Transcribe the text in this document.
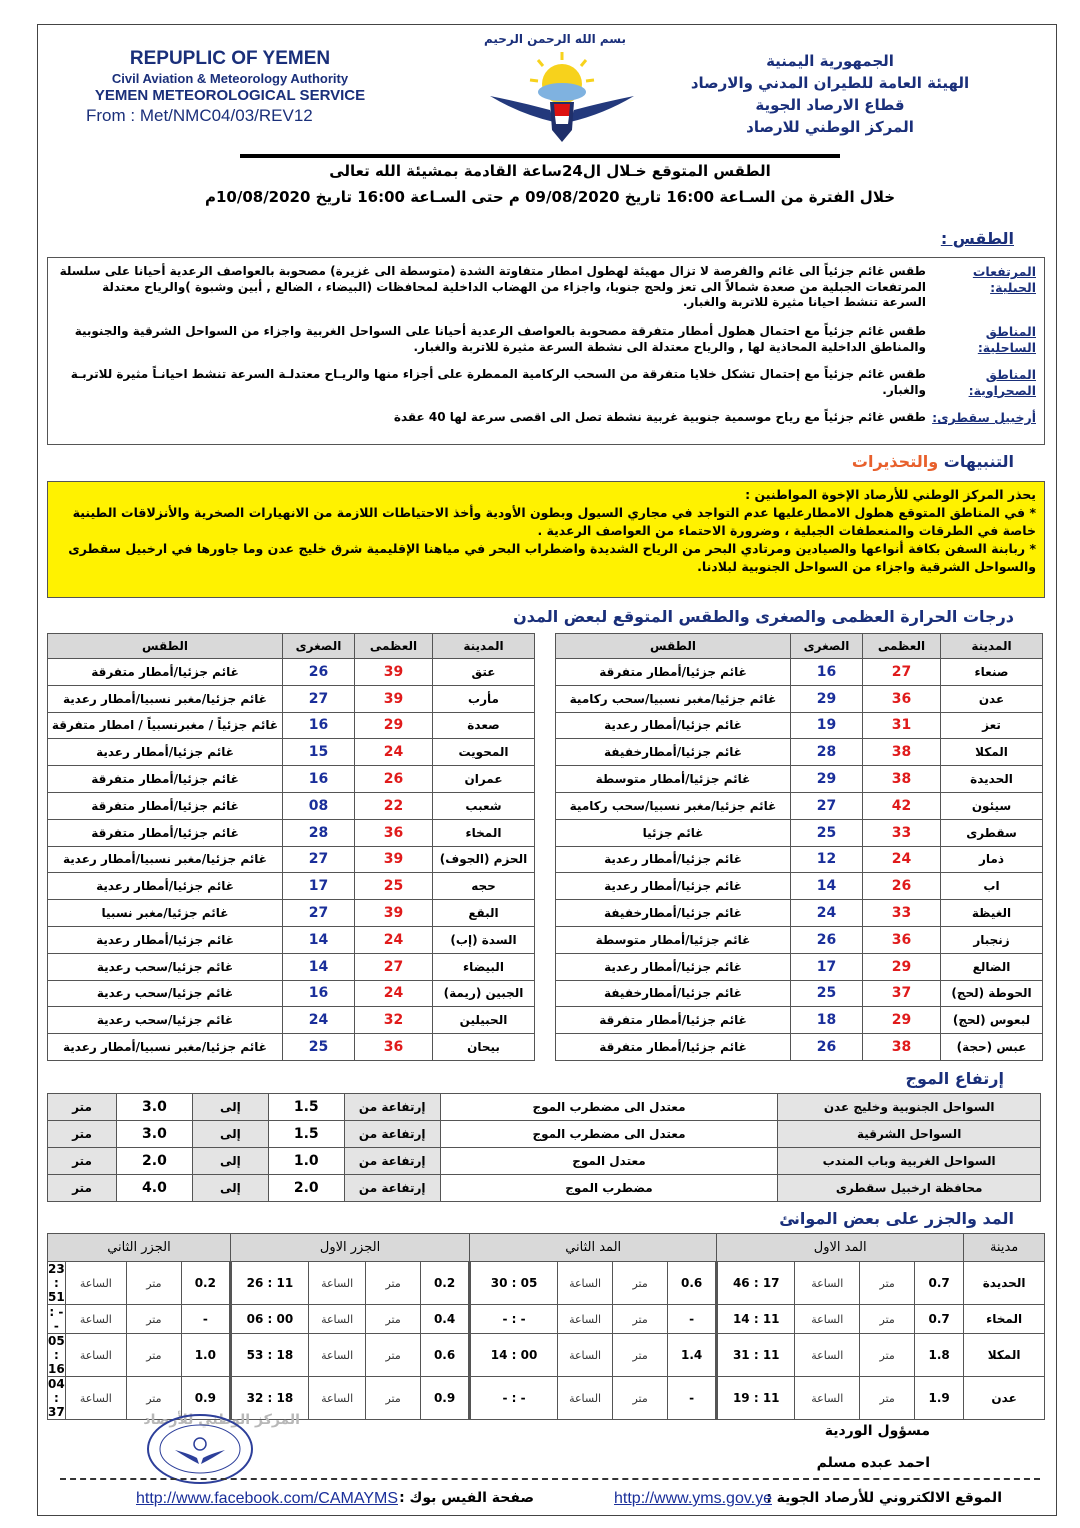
REPUPLIC OF YEMEN
Civil Aviation & Meteorology Authority
YEMEN METEOROLOGICAL SERVICE
From : Met/NMC04/03/REV12
بسم الله الرحمن الرحيم
الجمهورية اليمنية
الهيئة العامة للطيران المدني والارصاد
قطاع الارصاد الجوية
المركز الوطني للارصاد
الطقس المتوقع خـلال ال24ساعة القادمة بمشيئة الله تعالى
خلال الفترة من السـاعة 16:00 تاريخ 09/08/2020 م حتى السـاعة 16:00 تاريخ 10/08/2020م
الطقس :
المرتفعات الجبلية:
طقس غائم جزئياً الى غائم والفرصة لا تزال مهيئة لهطول امطار متفاوتة الشدة (متوسطة الى غزيرة) مصحوبة بالعواصف الرعدية أحيانا على سلسلة المرتفعات الجبلية من صعدة شمالاً الى تعز ولحج جنوبا، واجزاء من الهضاب الداخلية لمحافظات (البيضاء ، الضالع , أبين وشبوة )والرياح معتدلة السرعة تنشط احيانا مثيرة للاتربة والغبار.
المناطق الساحلية:
طقس غائم جزئياً مع احتمال هطول أمطار متفرقة مصحوبة بالعواصف الرعدية أحيانا على السواحل الغربية واجزاء من السواحل الشرقية والجنوبية والمناطق الداخلية المحاذية لها , والرياح معتدلة الى نشطة السرعة مثيرة للاتربة والغبار.
المناطق الصحراوية:
طقس غائم جزئياً مع إحتمال تشكل خلايا متفرقة من السحب الركامية الممطرة على أجزاء منها والريـاح معتدلـة السرعة تنشط احيانـاً مثيرة للاتربـة والغبار.
أرخبيل سقطرى:
طقس غائم جزئياً مع رياح موسمية جنوبية غربية نشطة تصل الى اقصى سرعة لها 40 عقدة
التنبيهات والتحذيرات
يحذر المركز الوطني للأرصاد الإخوة المواطنين :
* في المناطق المتوقع هطول الامطارعليها عدم التواجد في مجاري السيول وبطون الأودية وأخذ الاحتياطات اللازمة من الانهيارات الصخرية والأنزلاقات الطينية خاصة في الطرقات والمنعطفات الجبلية ، وضرورة الاحتماء من العواصف الرعدية .
* ربابنة السفن بكافة أنواعها والصيادين ومرتادي البحر من الرياح الشديدة واضطراب البحر في مياهنا الإقليمية شرق خليج عدن وما جاورها في ارخبيل سقطرى والسواحل الشرقية واجزاء من السواحل الجنوبية لبلادنا.
درجات الحرارة العظمى والصغرى والطقس المتوقع لبعض المدن
المدينة	العظمى	الصغرى	الطقس
صنعاء	27	16	غائم جزئيا/أمطار متفرقة
عدن	36	29	غائم جزئيا/مغبر نسبيا/سحب ركامية
تعز	31	19	غائم جزئيا/أمطار رعدية
المكلا	38	28	غائم جزئيا/أمطارخفيفة
الحديدة	38	29	غائم جزئيا/أمطار متوسطة
سيئون	42	27	غائم جزئيا/مغبر نسبيا/سحب ركامية
سقطرى	33	25	غائم جزئيا
ذمار	24	12	غائم جزئيا/أمطار رعدية
اب	26	14	غائم جزئيا/أمطار رعدية
الغيظة	33	24	غائم جزئيا/أمطارخفيفة
زنجبار	36	26	غائم جزئيا/أمطار متوسطة
الضالع	29	17	غائم جزئيا/أمطار رعدية
الحوطة (لحج)	37	25	غائم جزئيا/أمطارخفيفة
لبعوس (لحج)	29	18	غائم جزئيا/أمطار متفرقة
عبس (حجة)	38	26	غائم جزئيا/أمطار متفرقة
المدينة	العظمى	الصغرى	الطقس
عتق	39	26	غائم جزئيا/أمطار متفرقة
مأرب	39	27	غائم جزئيا/مغبر نسبيا/أمطار رعدية
صعدة	29	16	غائم جزئياً / مغبرنسبياً / امطار متفرقة
المحويت	24	15	غائم جزئيا/أمطار رعدية
عمران	26	16	غائم جزئيا/أمطار متفرقة
شعبب	22	08	غائم جزئيا/أمطار متفرقة
المخاء	36	28	غائم جزئيا/أمطار متفرقة
الحزم (الجوف)	39	27	غائم جزئيا/مغبر نسبيا/أمطار رعدية
حجه	25	17	غائم جزئيا/أمطار رعدية
البقع	39	27	غائم جزئيا/مغبر نسبيا
السدة (إب)	24	14	غائم جزئيا/أمطار رعدية
البيضاء	27	14	غائم جزئيا/سحب رعدية
الجبين (ريمة)	24	16	غائم جزئيا/سحب رعدية
الحبيلين	32	24	غائم جزئيا/سحب رعدية
بيحان	36	25	غائم جزئيا/مغبر نسبيا/أمطار رعدية
إرتفاع الموج
السواحل الجنوبية وخليج عدن	معتدل الى مضطرب الموج	إرتفاعة من	1.5	إلى	3.0	متر
السواحل الشرقية	معتدل الى مضطرب الموج	إرتفاعة من	1.5	إلى	3.0	متر
السواحل الغربية وباب المندب	معتدل الموج	إرتفاعة من	1.0	إلى	2.0	متر
محافظة ارخبيل سقطرى	مضطرب الموج	إرتفاعة من	2.0	إلى	4.0	متر
المد والجزر على بعض الموانئ
مدينة	المد الاول				المد الثاني				الجزر الاول				الجزر الثاني			
الحديدة	0.7	متر	الساعة	17 : 46	0.6	متر	الساعة	05 : 30	0.2	متر	الساعة	11 : 26	0.2	متر	الساعة	23 : 51
المخاء	0.7	متر	الساعة	11 : 14	-	متر	الساعة	- : -	0.4	متر	الساعة	00 : 06	-	متر	الساعة	- : -
المكلا	1.8	متر	الساعة	11 : 31	1.4	متر	الساعة	00 : 14	0.6	متر	الساعة	18 : 53	1.0	متر	الساعة	05 : 16
عدن	1.9	متر	الساعة	11 : 19	-	متر	الساعة	- : -	0.9	متر	الساعة	18 : 32	0.9	متر	الساعة	04 : 37
مسؤول الوردية
احمد عبده مسلم
المركز الوطني للأرصاد
الموقع الالكتروني للأرصاد الجوية :
http://www.yms.gov.ye
صفحة الفيس بوك :
http://www.facebook.com/CAMAYMS
